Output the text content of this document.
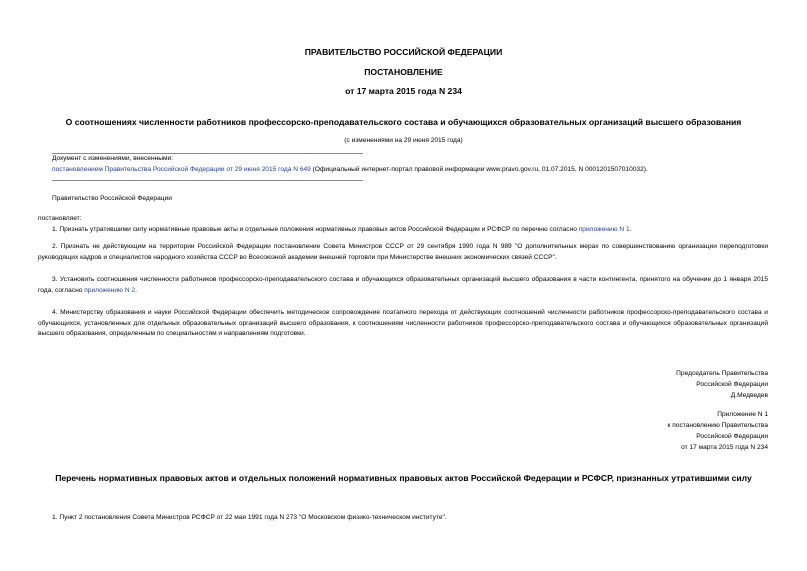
ПРАВИТЕЛЬСТВО РОССИЙСКОЙ ФЕДЕРАЦИИ
ПОСТАНОВЛЕНИЕ
от 17 марта 2015 года N 234
О соотношениях численности работников профессорско-преподавательского состава и обучающихся образовательных организаций высшего образования
(с изменениями на 29 июня 2015 года)
Документ с изменениями, внесенными:
постановлением Правительства Российской Федерации от 29 июня 2015 года N 649 (Официальный интернет-портал правовой информации www.pravo.gov.ru, 01.07.2015, N 0001201507010032).
Правительство Российской Федерации
постановляет:
1. Признать утратившими силу нормативные правовые акты и отдельные положения нормативных правовых актов Российской Федерации и РСФСР по перечню согласно приложению N 1.
2. Признать не действующим на территории Российской Федерации постановление Совета Министров СССР от 29 сентября 1990 года N 989 "О дополнительных мерах по совершенствованию организации переподготовки руководящих кадров и специалистов народного хозяйства СССР во Всесоюзной академии внешней торговли при Министерстве внешних экономических связей СССР".
3. Установить соотношения численности работников профессорско-преподавательского состава и обучающихся образовательных организаций высшего образования в части контингента, принятого на обучение до 1 января 2015 года, согласно приложению N 2.
4. Министерству образования и науки Российской Федерации обеспечить методическое сопровождение поэтапного перехода от действующих соотношений численности работников профессорско-преподавательского состава и обучающихся, установленных для отдельных образовательных организаций высшего образования, к соотношениям численности работников профессорско-преподавательского состава и обучающихся образовательных организаций высшего образования, определенным по специальностям и направлениям подготовки.
Председатель Правительства
Российской Федерации
Д.Медведев
Приложение N 1
к постановлению Правительства
Российской Федерации
от 17 марта 2015 года N 234
Перечень нормативных правовых актов и отдельных положений нормативных правовых актов Российской Федерации и РСФСР, признанных утратившими силу
1. Пункт 2 постановления Совета Министров РСФСР от 22 мая 1991 года N 273 "О Московском физико-техническом институте".
